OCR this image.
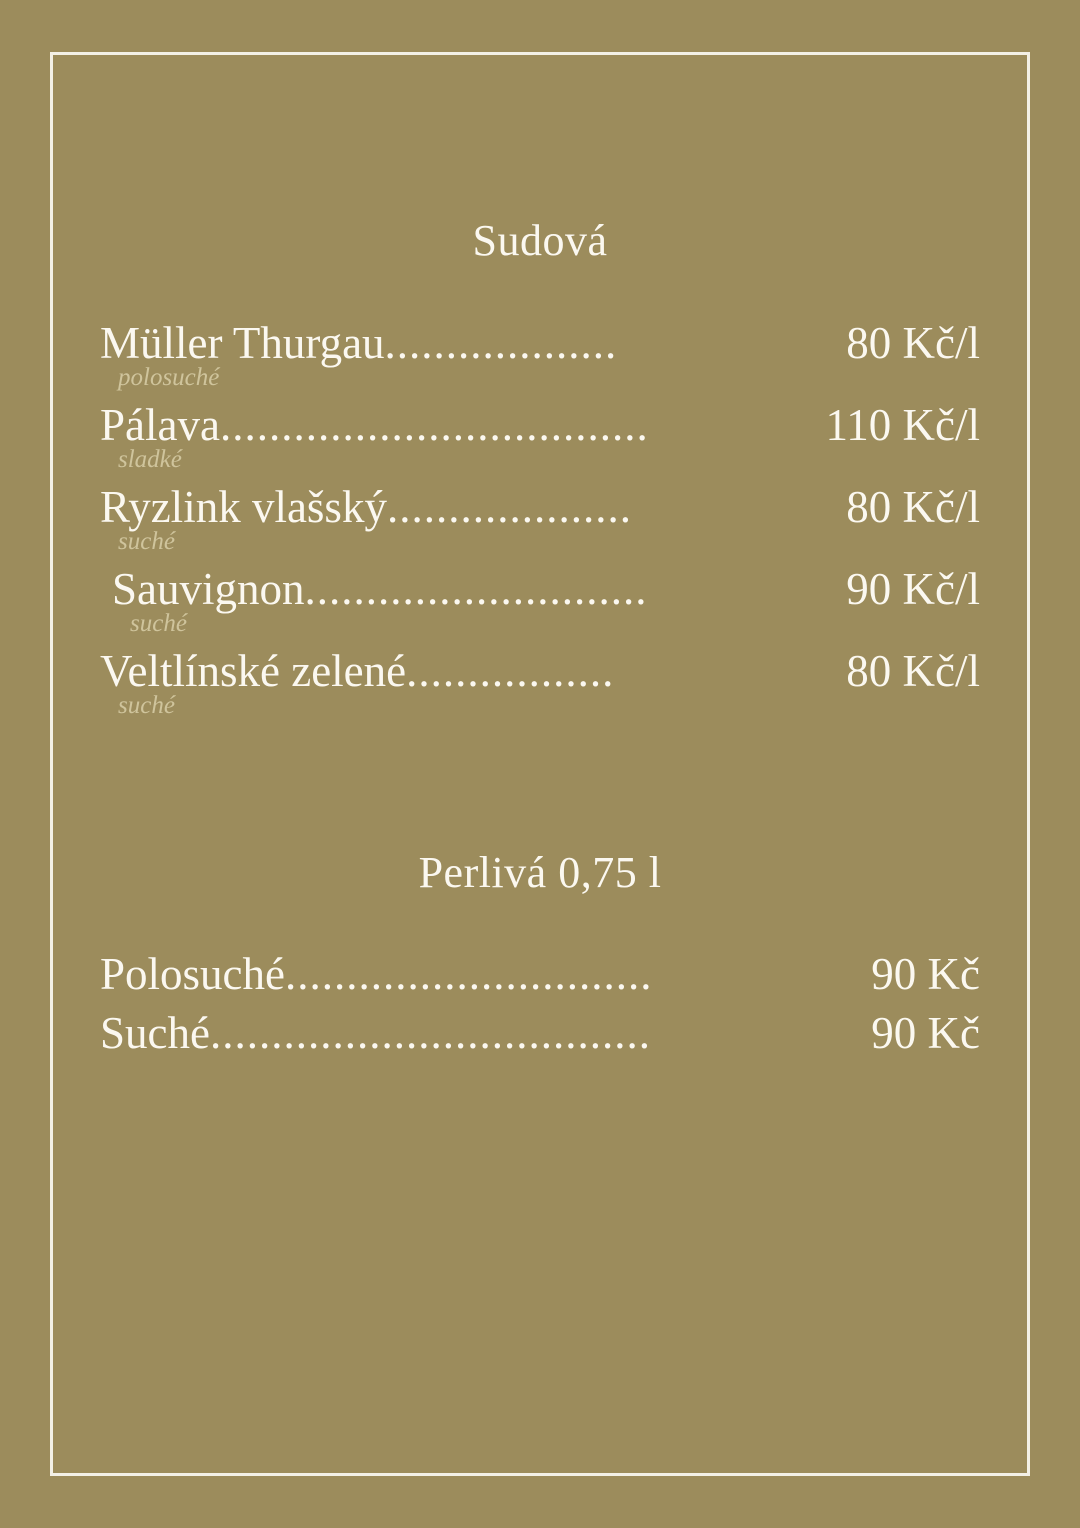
Sudová
Müller Thurgau ...................	80 Kč/l
polosuché
Pálava ...................................	110 Kč/l
sladké
Ryzlink vlašský ....................	80 Kč/l
suché
Sauvignon ............................	90 Kč/l
suché
Veltlínské zelené .................	80 Kč/l
suché
Perlivá 0,75 l
Polosuché ..............................	90 Kč
Suché ....................................	90 Kč
